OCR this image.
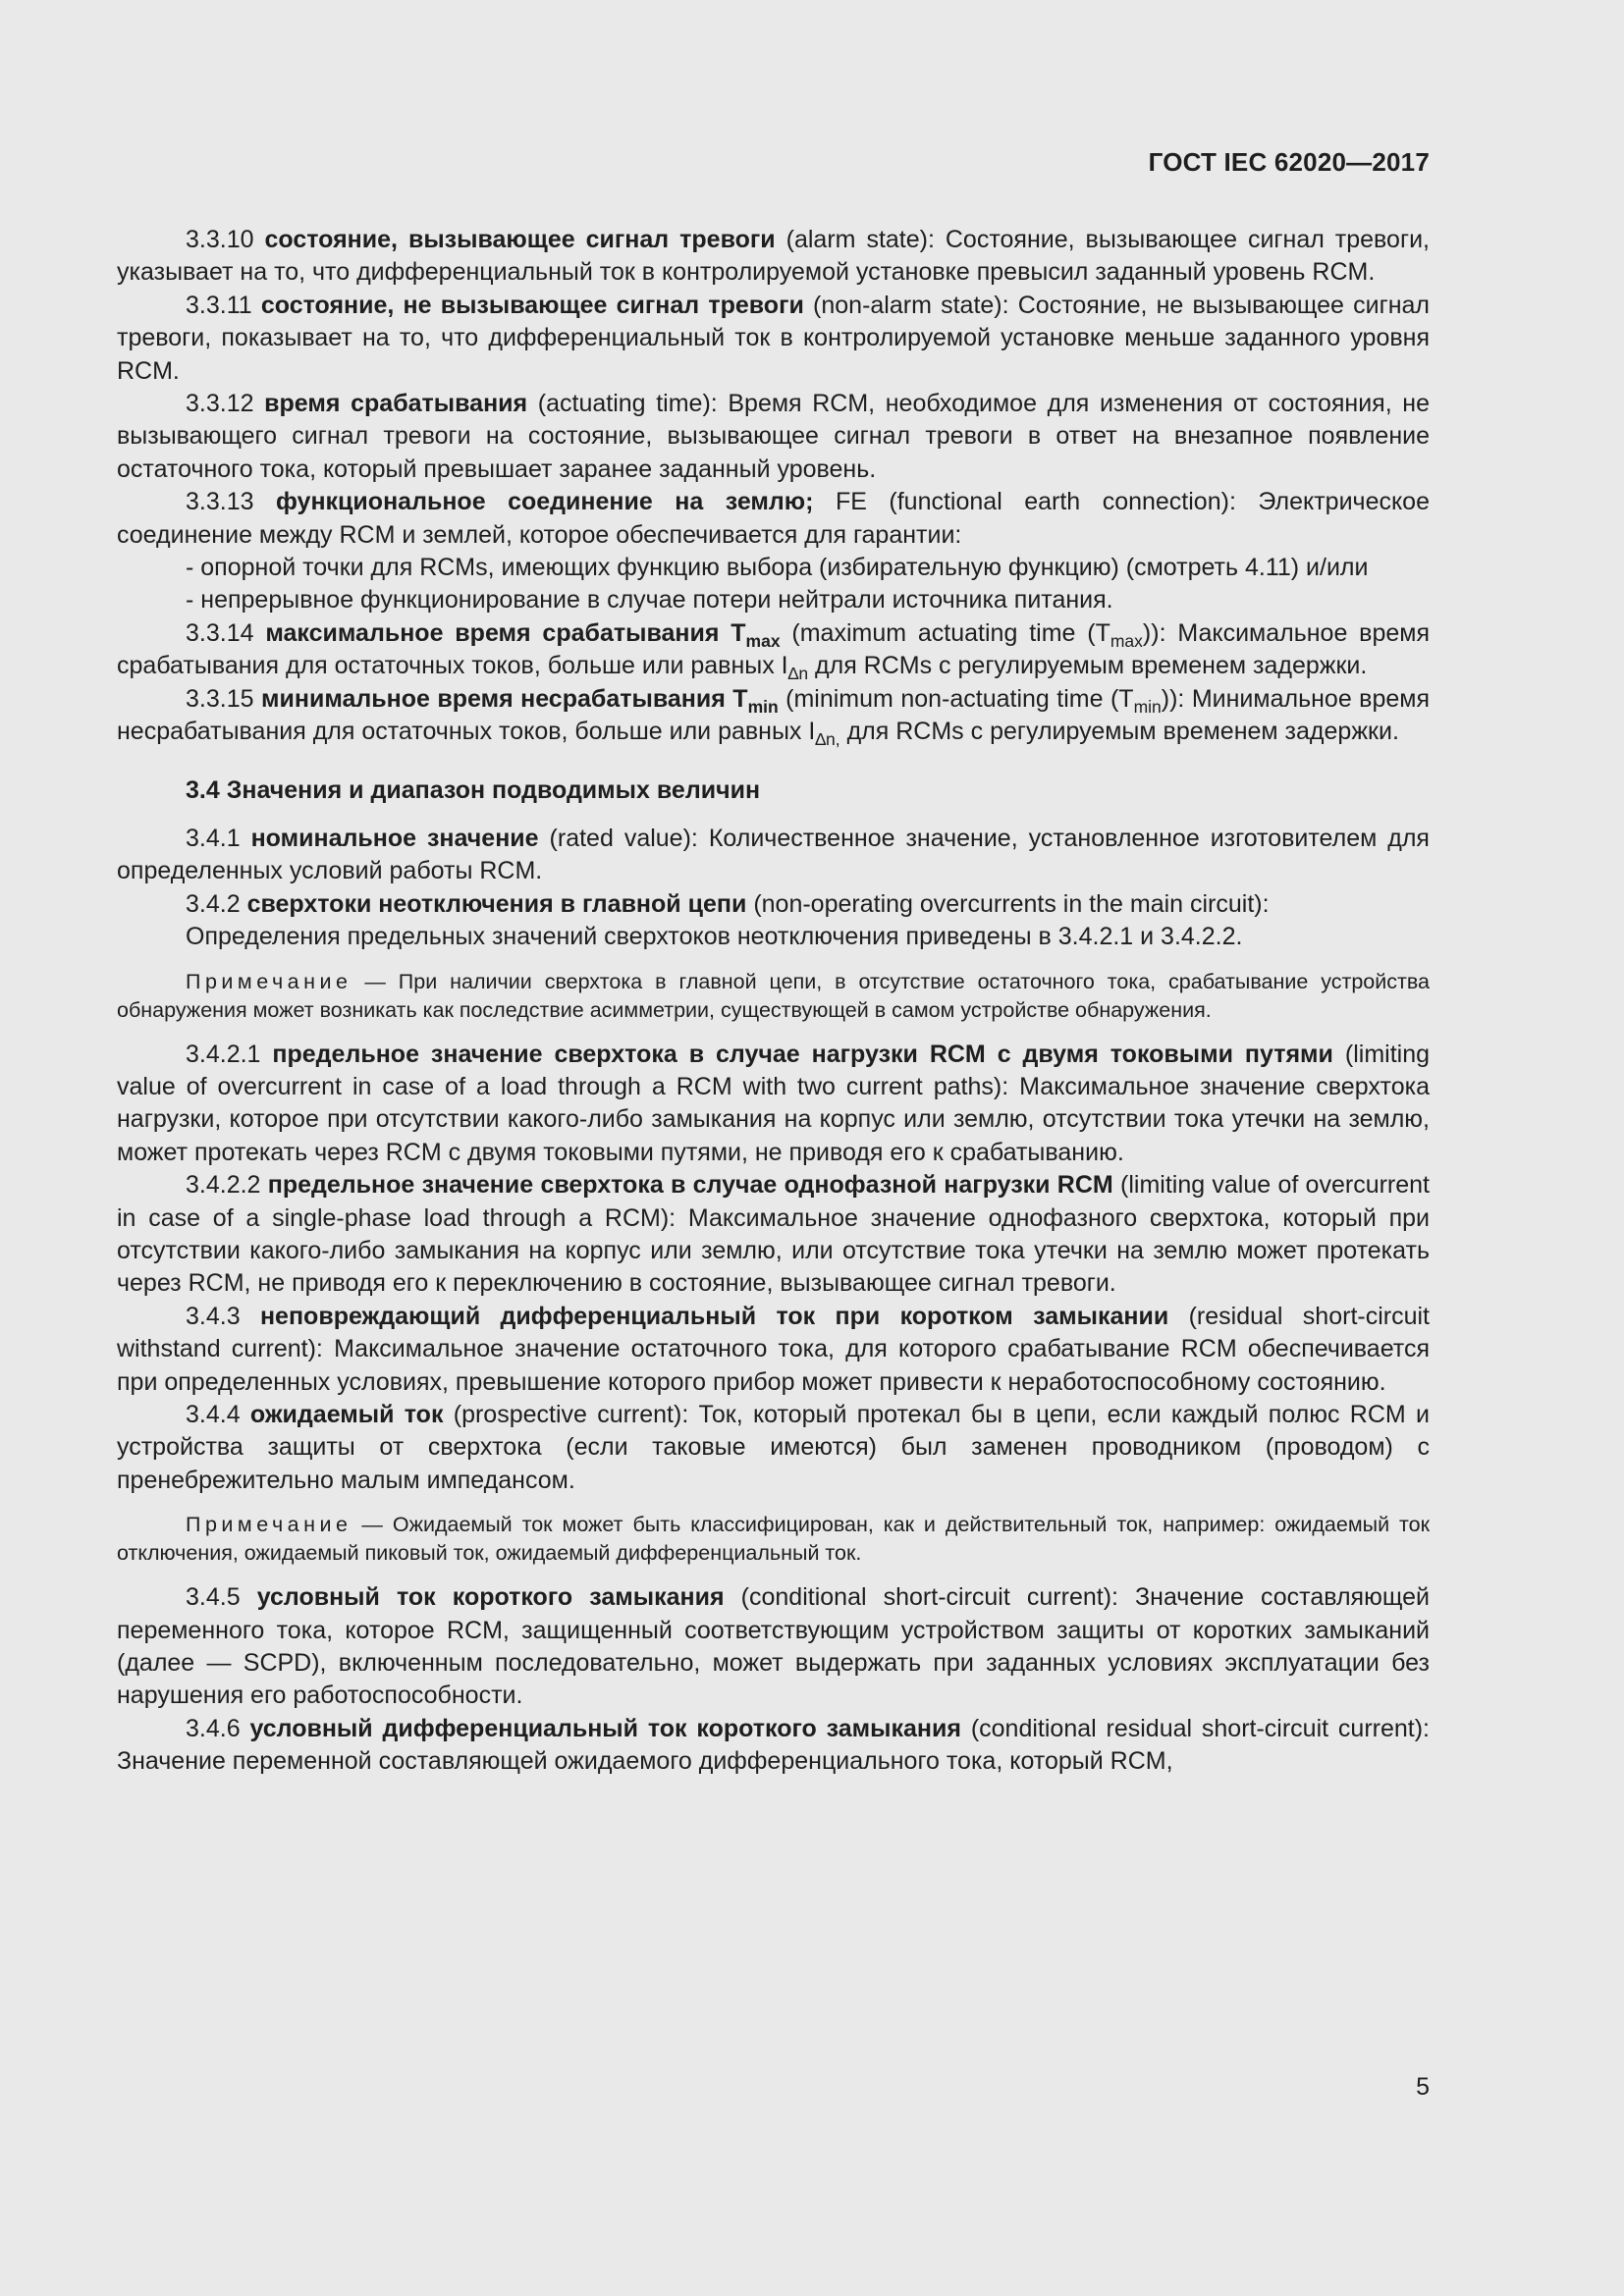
ГОСТ IEC 62020—2017

3.3.10 состояние, вызывающее сигнал тревоги (alarm state): Состояние, вызывающее сигнал тревоги, указывает на то, что дифференциальный ток в контролируемой установке превысил заданный уровень RCM.

3.3.11 состояние, не вызывающее сигнал тревоги (non-alarm state): Состояние, не вызывающее сигнал тревоги, показывает на то, что дифференциальный ток в контролируемой установке меньше заданного уровня RCM.

3.3.12 время срабатывания (actuating time): Время RCM, необходимое для изменения от состояния, не вызывающего сигнал тревоги на состояние, вызывающее сигнал тревоги в ответ на внезапное появление остаточного тока, который превышает заранее заданный уровень.

3.3.13 функциональное соединение на землю; FE (functional earth connection): Электрическое соединение между RCM и землей, которое обеспечивается для гарантии:

- опорной точки для RCMs, имеющих функцию выбора (избирательную функцию) (смотреть 4.11) и/или

- непрерывное функционирование в случае потери нейтрали источника питания.

3.3.14 максимальное время срабатывания $T_{max}$ (maximum actuating time $(T_{max})$): Максимальное время срабатывания для остаточных токов, больше или равных $I_{\Delta n}$ для RCMs с регулируемым временем задержки.

3.3.15 минимальное время несрабатывания $T_{min}$ (minimum non-actuating time $(T_{min})$): Минимальное время несрабатывания для остаточных токов, больше или равных $I_{\Delta n,}$ для RCMs с регулируемым временем задержки.

3.4 Значения и диапазон подводимых величин

3.4.1 номинальное значение (rated value): Количественное значение, установленное изготовителем для определенных условий работы RCM.

3.4.2 сверхтоки неотключения в главной цепи (non-operating overcurrents in the main circuit):

Определения предельных значений сверхтоков неотключения приведены в 3.4.2.1 и 3.4.2.2.

Примечание — При наличии сверхтока в главной цепи, в отсутствие остаточного тока, срабатывание устройства обнаружения может возникать как последствие асимметрии, существующей в самом устройстве обнаружения.

3.4.2.1 предельное значение сверхтока в случае нагрузки RCM с двумя токовыми путями (limiting value of overcurrent in case of a load through a RCM with two current paths): Максимальное значение сверхтока нагрузки, которое при отсутствии какого-либо замыкания на корпус или землю, отсутствии тока утечки на землю, может протекать через RCM с двумя токовыми путями, не приводя его к срабатыванию.

3.4.2.2 предельное значение сверхтока в случае однофазной нагрузки RCM (limiting value of overcurrent in case of a single-phase load through a RCM): Максимальное значение однофазного сверхтока, который при отсутствии какого-либо замыкания на корпус или землю, или отсутствие тока утечки на землю может протекать через RCM, не приводя его к переключению в состояние, вызывающее сигнал тревоги.

3.4.3 неповреждающий дифференциальный ток при коротком замыкании (residual short-circuit withstand current): Максимальное значение остаточного тока, для которого срабатывание RCM обеспечивается при определенных условиях, превышение которого прибор может привести к неработоспособному состоянию.

3.4.4 ожидаемый ток (prospective current): Ток, который протекал бы в цепи, если каждый полюс RCM и устройства защиты от сверхтока (если таковые имеются) был заменен проводником (проводом) с пренебрежительно малым импедансом.

Примечание — Ожидаемый ток может быть классифицирован, как и действительный ток, например: ожидаемый ток отключения, ожидаемый пиковый ток, ожидаемый дифференциальный ток.

3.4.5 условный ток короткого замыкания (conditional short-circuit current): Значение составляющей переменного тока, которое RCM, защищенный соответствующим устройством защиты от коротких замыканий (далее — SCPD), включенным последовательно, может выдержать при заданных условиях эксплуатации без нарушения его работоспособности.

3.4.6 условный дифференциальный ток короткого замыкания (conditional residual short-circuit current): Значение переменной составляющей ожидаемого дифференциального тока, который RCM,

5
